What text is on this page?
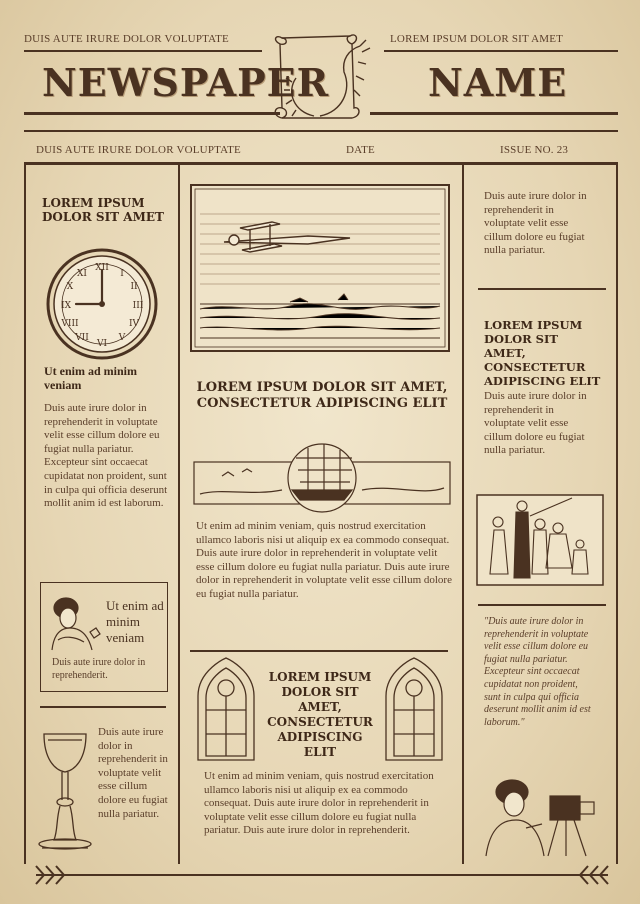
DUIS AUTE IRURE DOLOR VOLUPTATE	LOREM IPSUM DOLOR SIT AMET
NEWSPAPER	NAME
DUIS AUTE IRURE DOLOR VOLUPTATE	DATE	ISSUE NO. 23
LOREM IPSUM DOLOR SIT AMET
XII
I
II
III
IV
V
VI
VII
VIII
IX
X
XI
Ut enim ad minim veniam
Duis aute irure dolor in reprehenderit in voluptate velit esse cillum dolore eu fugiat nulla pariatur. Excepteur sint occaecat cupidatat non proident, sunt in culpa qui officia deserunt mollit anim id est laborum.
Ut enim ad minim veniam
Duis aute irure dolor in reprehenderit.
Duis aute irure dolor in reprehenderit in voluptate velit esse cillum dolore eu fugiat nulla pariatur.
LOREM IPSUM DOLOR SIT AMET, CONSECTETUR ADIPISCING ELIT
Ut enim ad minim veniam, quis nostrud exercitation ullamco laboris nisi ut aliquip ex ea commodo consequat. Duis aute irure dolor in reprehenderit in voluptate velit esse cillum dolore eu fugiat nulla pariatur. Duis aute irure dolor in reprehenderit in voluptate velit esse cillum dolore eu fugiat nulla pariatur.
LOREM IPSUM DOLOR SIT AMET, CONSECTETUR ADIPISCING ELIT
Ut enim ad minim veniam, quis nostrud exercitation ullamco laboris nisi ut aliquip ex ea commodo consequat. Duis aute irure dolor in reprehenderit in voluptate velit esse cillum dolore eu fugiat nulla pariatur. Duis aute irure dolor in reprehenderit.
Duis aute irure dolor in reprehenderit in voluptate velit esse cillum dolore eu fugiat nulla pariatur.
LOREM IPSUM DOLOR SIT AMET, CONSECTETUR ADIPISCING ELIT
Duis aute irure dolor in reprehenderit in voluptate velit esse cillum dolore eu fugiat nulla pariatur.
"Duis aute irure dolor in reprehenderit in voluptate velit esse cillum dolore eu fugiat nulla pariatur. Excepteur sint occaecat cupidatat non proident, sunt in culpa qui officia deserunt mollit anim id est laborum."
